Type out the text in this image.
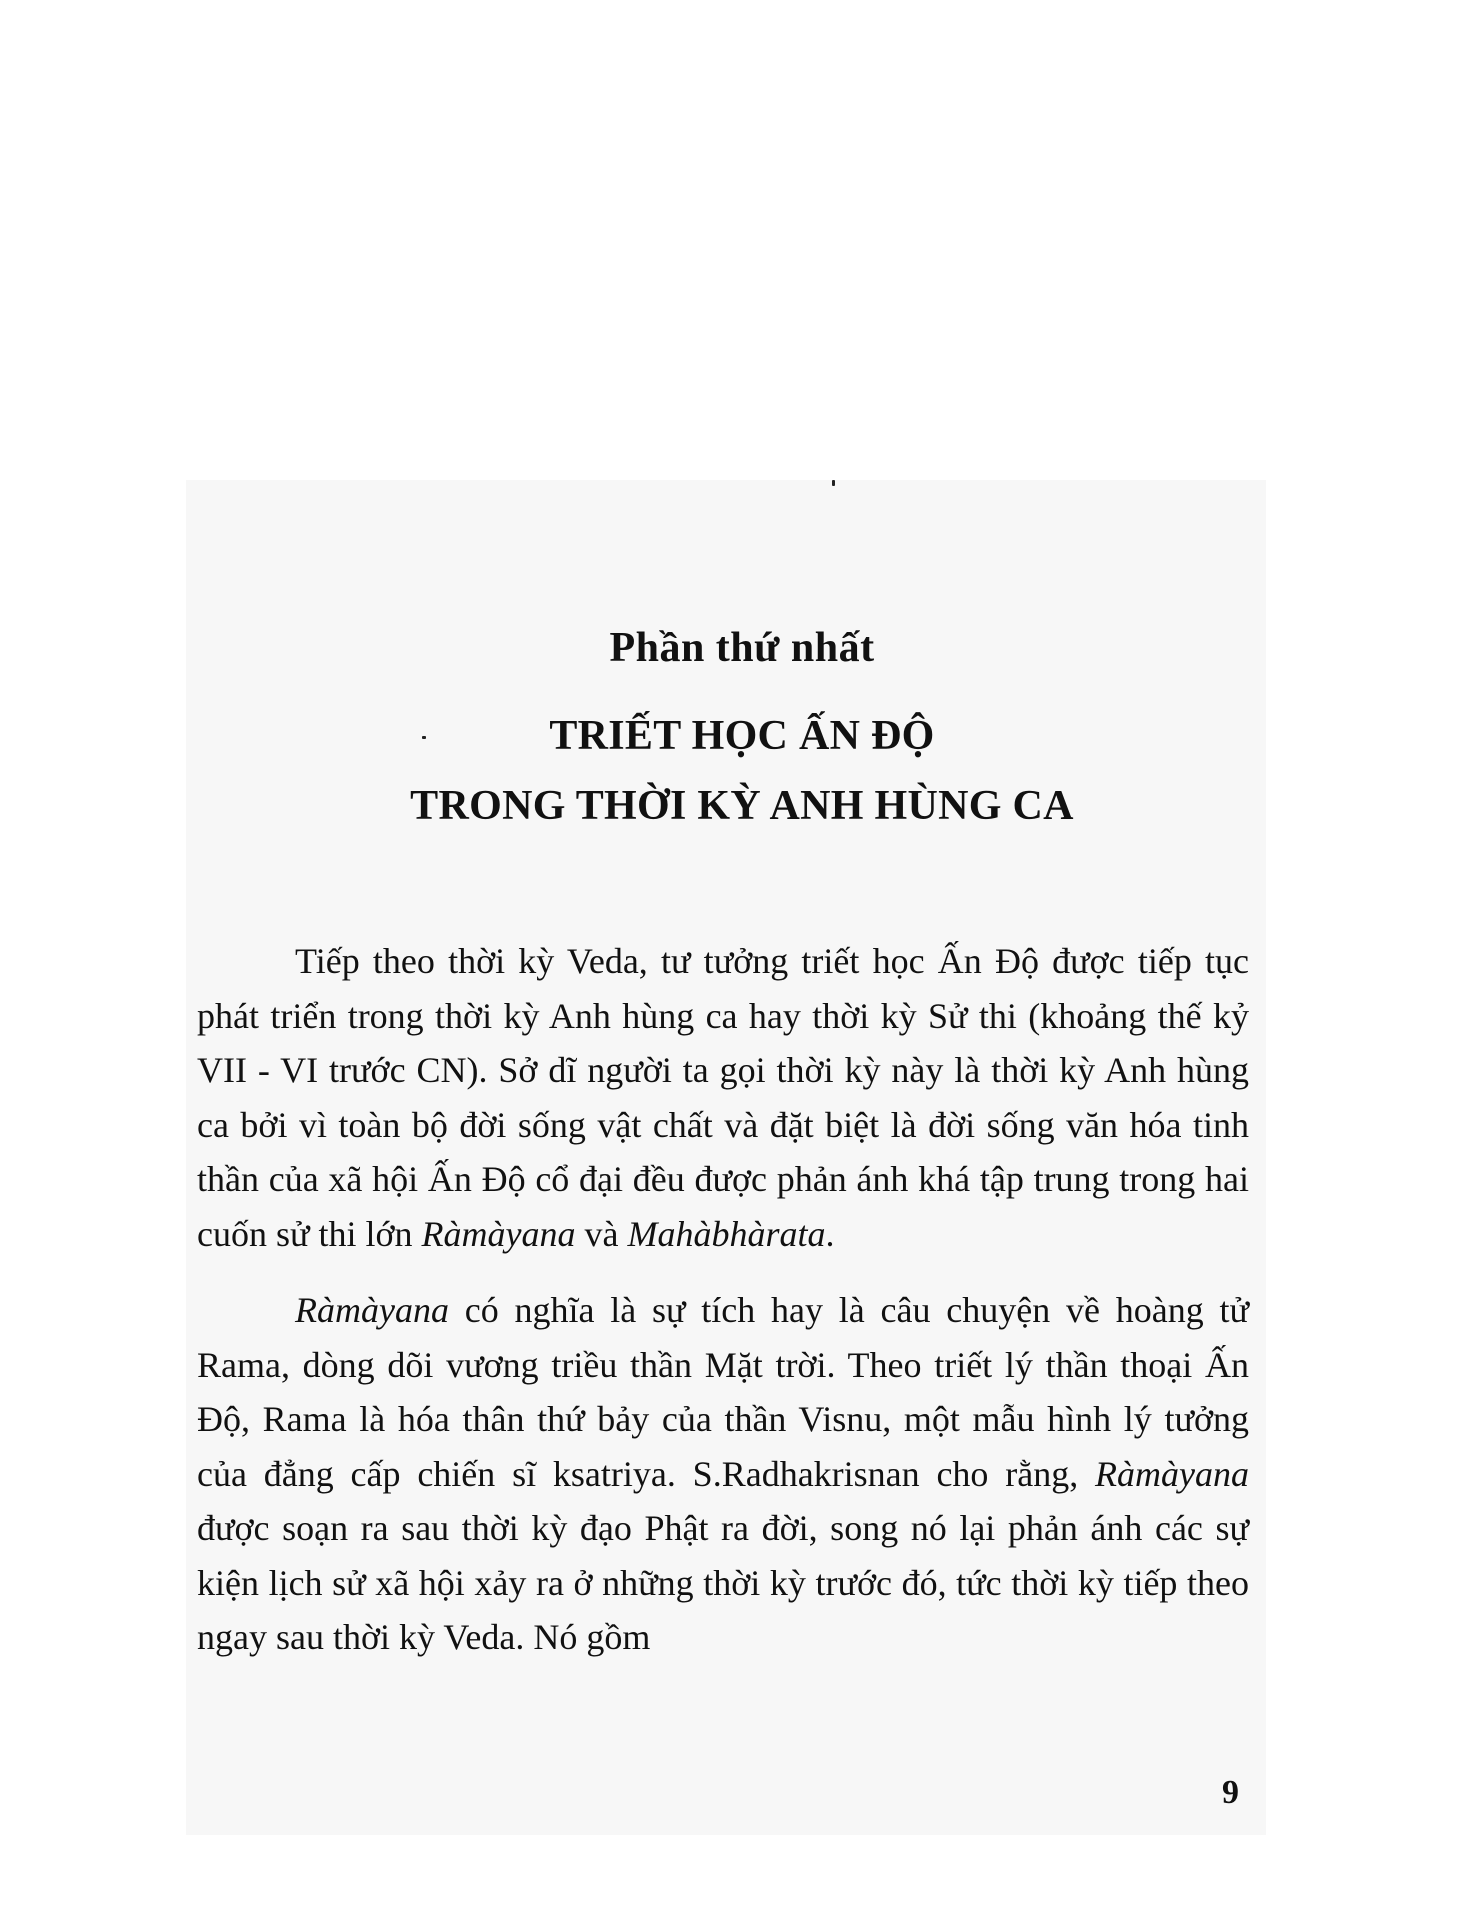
Phần thứ nhất
TRIẾT HỌC ẤN ĐỘ
TRONG THỜI KỲ ANH HÙNG CA

Tiếp theo thời kỳ Veda, tư tưởng triết học Ấn Độ được tiếp tục phát triển trong thời kỳ Anh hùng ca hay thời kỳ Sử thi (khoảng thế kỷ VII - VI trước CN). Sở dĩ người ta gọi thời kỳ này là thời kỳ Anh hùng ca bởi vì toàn bộ đời sống vật chất và đặt biệt là đời sống văn hóa tinh thần của xã hội Ấn Độ cổ đại đều được phản ánh khá tập trung trong hai cuốn sử thi lớn Ràmàyana và Mahàbhàrata.

Ràmàyana có nghĩa là sự tích hay là câu chuyện về hoàng tử Rama, dòng dõi vương triều thần Mặt trời. Theo triết lý thần thoại Ấn Độ, Rama là hóa thân thứ bảy của thần Visnu, một mẫu hình lý tưởng của đẳng cấp chiến sĩ ksatriya. S.Radhakrisnan cho rằng, Ràmàyana được soạn ra sau thời kỳ đạo Phật ra đời, song nó lại phản ánh các sự kiện lịch sử xã hội xảy ra ở những thời kỳ trước đó, tức thời kỳ tiếp theo ngay sau thời kỳ Veda. Nó gồm

9
